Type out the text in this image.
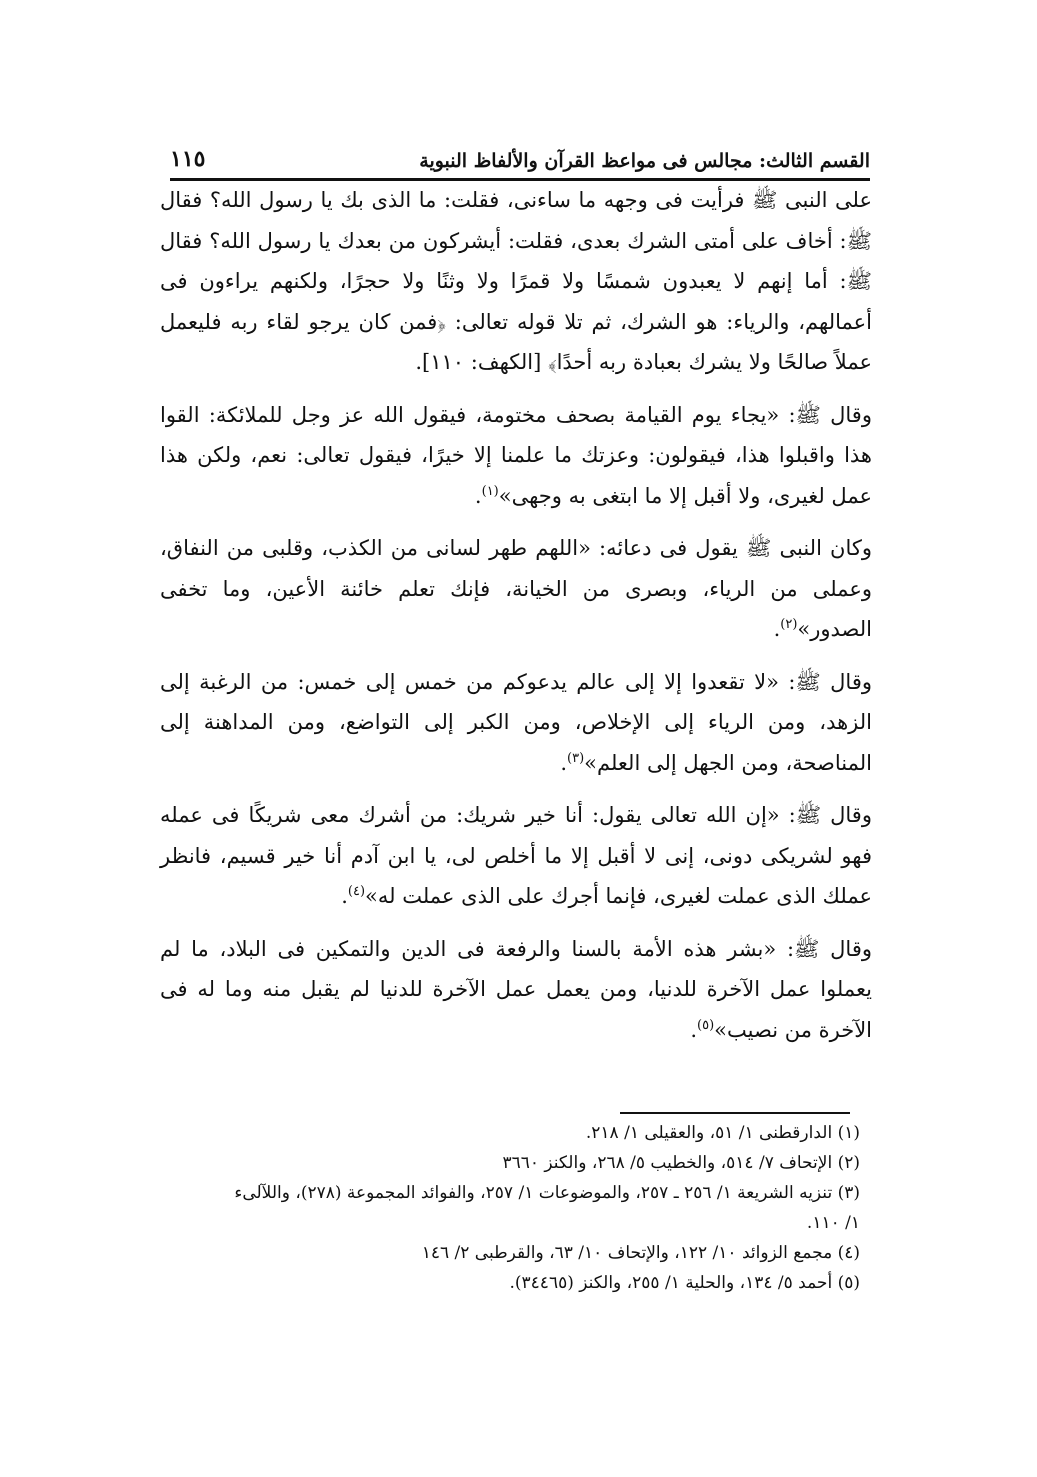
القسم الثالث: مجالس فى مواعظ القرآن والألفاظ النبوية
١١٥

على النبى ﷺ فرأيت فى وجهه ما ساءنى، فقلت: ما الذى بك يا رسول الله؟ فقال ﷺ: أخاف على أمتى الشرك بعدى، فقلت: أيشركون من بعدك يا رسول الله؟ فقال ﷺ: أما إنهم لا يعبدون شمسًا ولا قمرًا ولا وثنًا ولا حجرًا، ولكنهم يراءون فى أعمالهم، والرياء: هو الشرك، ثم تلا قوله تعالى: ﴿فمن كان يرجو لقاء ربه فليعمل عملاً صالحًا ولا يشرك بعبادة ربه أحدًا﴾ [الكهف: ١١٠].

وقال ﷺ: «يجاء يوم القيامة بصحف مختومة، فيقول الله عز وجل للملائكة: القوا هذا واقبلوا هذا، فيقولون: وعزتك ما علمنا إلا خيرًا، فيقول تعالى: نعم، ولكن هذا عمل لغيرى، ولا أقبل إلا ما ابتغى به وجهى»$^{(١)}$.

وكان النبى ﷺ يقول فى دعائه: «اللهم طهر لسانى من الكذب، وقلبى من النفاق، وعملى من الرياء، وبصرى من الخيانة، فإنك تعلم خائنة الأعين، وما تخفى الصدور»$^{(٢)}$.

وقال ﷺ: «لا تقعدوا إلا إلى عالم يدعوكم من خمس إلى خمس: من الرغبة إلى الزهد، ومن الرياء إلى الإخلاص، ومن الكبر إلى التواضع، ومن المداهنة إلى المناصحة، ومن الجهل إلى العلم»$^{(٣)}$.

وقال ﷺ: «إن الله تعالى يقول: أنا خير شريك: من أشرك معى شريكًا فى عمله فهو لشريكى دونى، إنى لا أقبل إلا ما أخلص لى، يا ابن آدم أنا خير قسيم، فانظر عملك الذى عملت لغيرى، فإنما أجرك على الذى عملت له»$^{(٤)}$.

وقال ﷺ: «بشر هذه الأمة بالسنا والرفعة فى الدين والتمكين فى البلاد، ما لم يعملوا عمل الآخرة للدنيا، ومن يعمل عمل الآخرة للدنيا لم يقبل منه وما له فى الآخرة من نصيب»$^{(٥)}$.

(١) الدارقطنى ١/ ٥١، والعقيلى ١/ ٢١٨.

(٢) الإتحاف ٧/ ٥١٤، والخطيب ٥/ ٢٦٨، والكنز ٣٦٦٠

(٣) تنزيه الشريعة ١/ ٢٥٦ ـ ٢٥٧، والموضوعات ١/ ٢٥٧، والفوائد المجموعة (٢٧٨)، واللآلىء

١/ ١١٠.

(٤) مجمع الزوائد ١٠/ ١٢٢، والإتحاف ١٠/ ٦٣، والقرطبى ٢/ ١٤٦

(٥) أحمد ٥/ ١٣٤، والحلية ١/ ٢٥٥، والكنز (٣٤٤٦٥).
